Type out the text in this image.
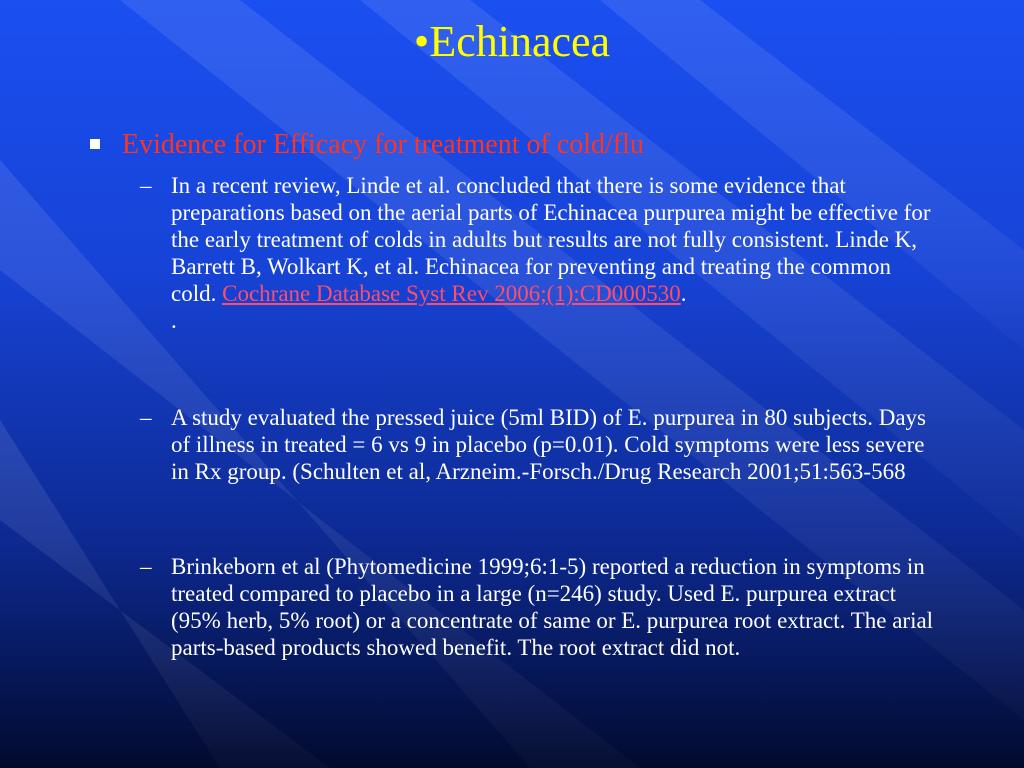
•Echinacea
Evidence for Efficacy for treatment of cold/flu
– In a recent review, Linde et al. concluded that there is some evidence that preparations based on the aerial parts of Echinacea purpurea might be effective for the early treatment of colds in adults but results are not fully consistent. Linde K, Barrett B, Wolkart K, et al. Echinacea for preventing and treating the common cold. Cochrane Database Syst Rev 2006;(1):CD000530.
.
– A study evaluated the pressed juice (5ml BID) of E. purpurea in 80 subjects. Days of illness in treated = 6 vs 9 in placebo (p=0.01). Cold symptoms were less severe in Rx group. (Schulten et al, Arzneim.-Forsch./Drug Research 2001;51:563-568
– Brinkeborn et al (Phytomedicine 1999;6:1-5) reported a reduction in symptoms in treated compared to placebo in a large (n=246) study. Used E. purpurea extract (95% herb, 5% root) or a concentrate of same or E. purpurea root extract. The arial parts-based products showed benefit. The root extract did not.
